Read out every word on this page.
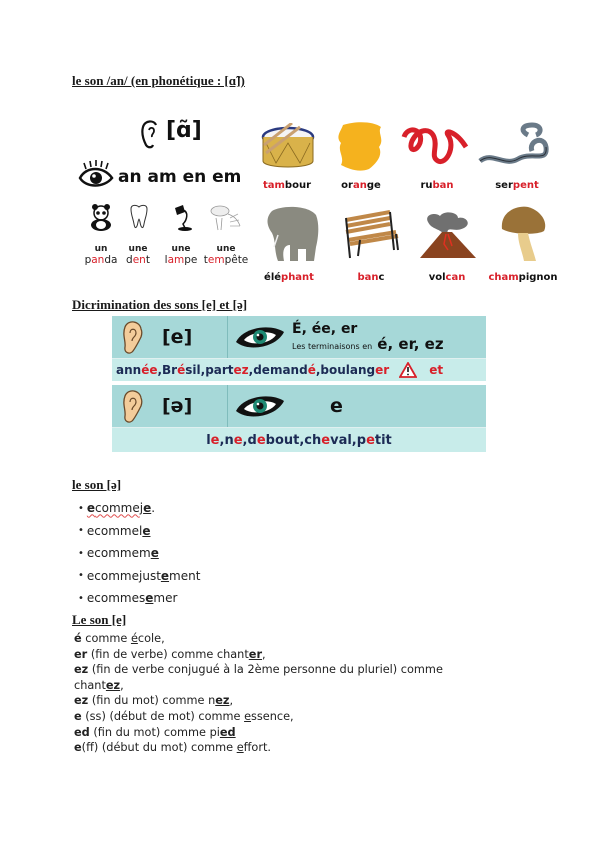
le son /an/ (en phonétique : [ɑ̃])
[ɑ̃]
an am en em
un
panda
une
dent
une
lampe
une
tempête
tambour	orange	ruban	serpent
éléphant	banc	volcan	champignon
Dicrimination des sons [e] et [ə]
[e]	É, ée, er
Les terminaisons en é, er, ez
année, Brésil, partez, demandé, boulanger	et
[ə]	e
le, ne, debout, cheval, petit
le son [ə]
• e comme j e .
• e comme l e
• e comme m e
• e comme just e ment
• e comme s e mer
Le son [e]
é comme école,
er (fin de verbe) comme chanter,
ez (fin de verbe conjugué à la 2ème personne du pluriel) comme
chantez,
ez (fin du mot) comme nez,
e (ss) (début de mot) comme essence,
ed (fin du mot) comme pied
e(ff) (début du mot) comme effort.
